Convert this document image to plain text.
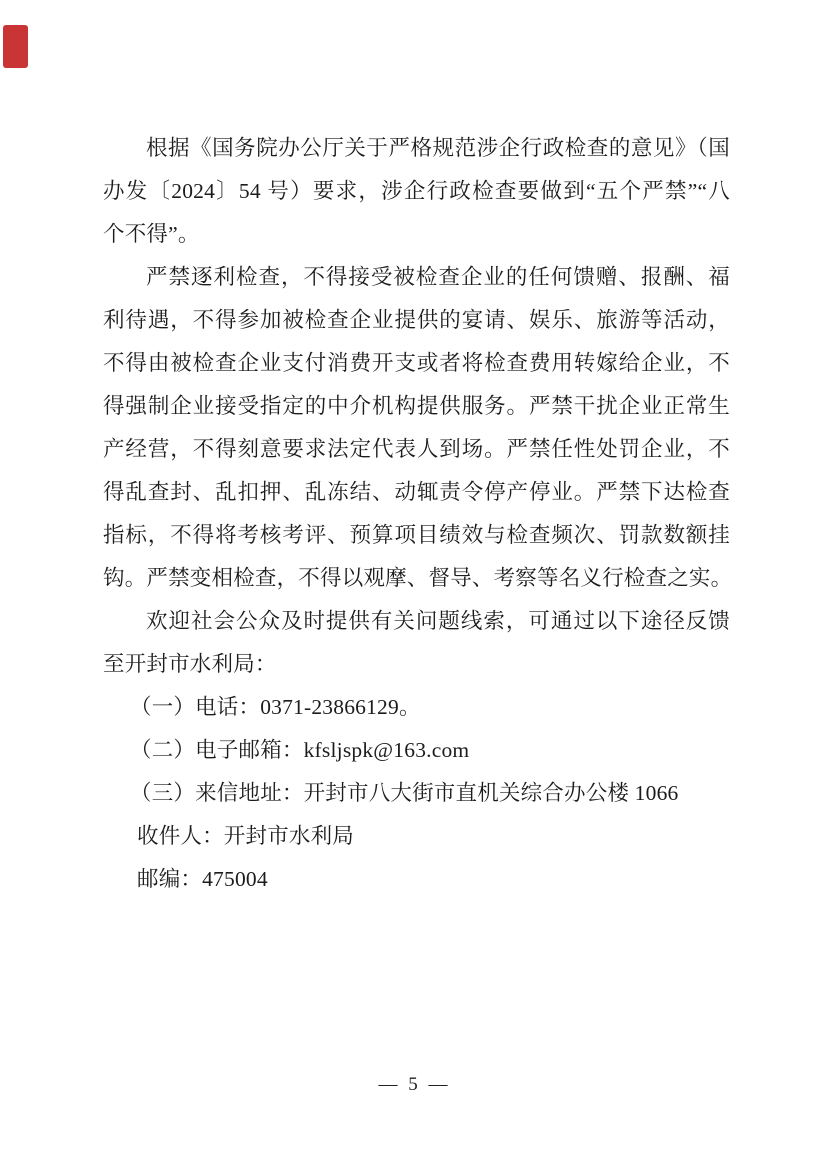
根据《国务院办公厅关于严格规范涉企行政检查的意见》（国
办发〔2024〕54 号）要求，涉企行政检查要做到“五个严禁”“八
个不得”。
严禁逐利检查，不得接受被检查企业的任何馈赠、报酬、福
利待遇，不得参加被检查企业提供的宴请、娱乐、旅游等活动，
不得由被检查企业支付消费开支或者将检查费用转嫁给企业，不
得强制企业接受指定的中介机构提供服务。严禁干扰企业正常生
产经营，不得刻意要求法定代表人到场。严禁任性处罚企业，不
得乱查封、乱扣押、乱冻结、动辄责令停产停业。严禁下达检查
指标，不得将考核考评、预算项目绩效与检查频次、罚款数额挂
钩。严禁变相检查，不得以观摩、督导、考察等名义行检查之实。
欢迎社会公众及时提供有关问题线索，可通过以下途径反馈
至开封市水利局：
（一）电话：0371-23866129。
（二）电子邮箱：kfsljspk@163.com
（三）来信地址：开封市八大街市直机关综合办公楼 1066
收件人：开封市水利局
邮编：475004
— 5 —
